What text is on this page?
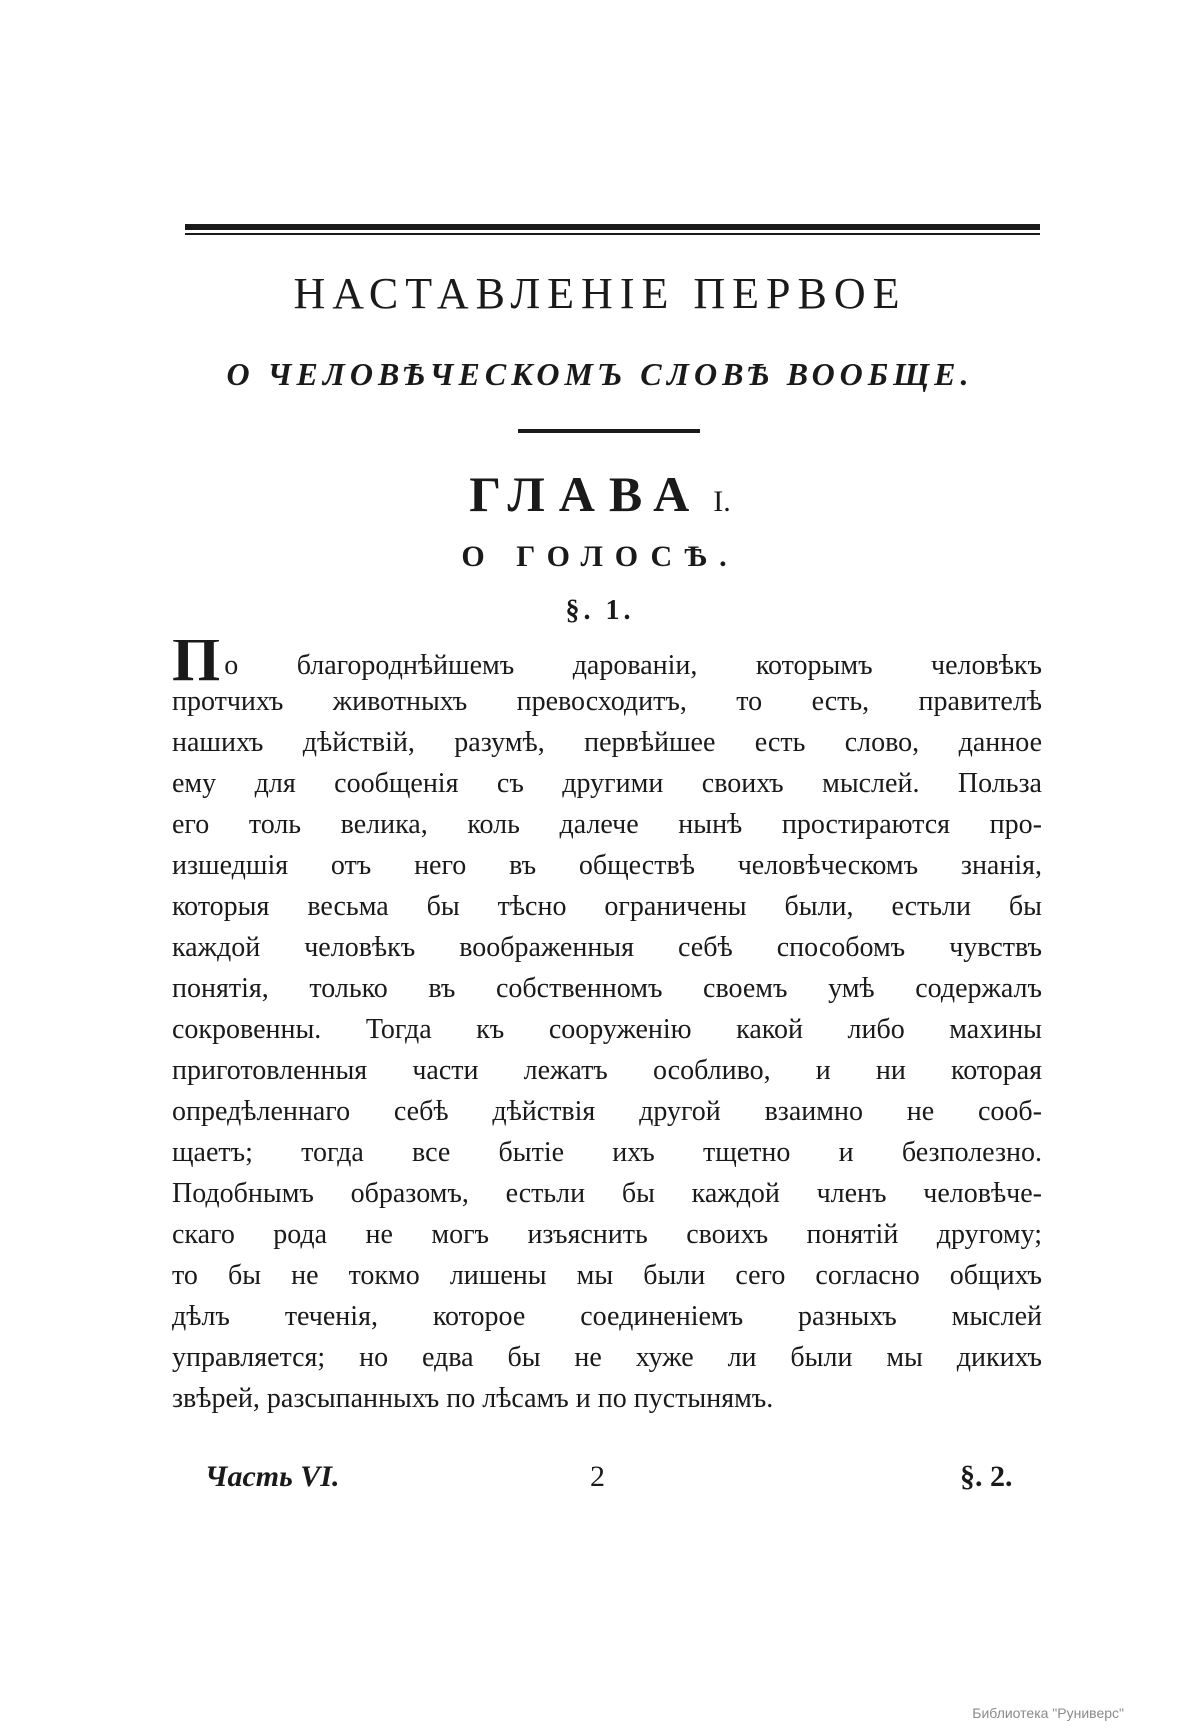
НАСТАВЛЕНІЕ ПЕРВОЕ
О ЧЕЛОВѢЧЕСКОМЪ СЛОВѢ ВООБЩЕ.
ГЛАВА I.
О ГОЛОСѢ.
§. 1.
По благороднѣйшемъ дарованіи, которымъ человѣкъ
протчихъ животныхъ превосходитъ, то есть, правителѣ
нашихъ дѣйствій, разумѣ, первѣйшее есть слово, данное
ему для сообщенія съ другими своихъ мыслей. Польза
его толь велика, коль далече нынѣ простираются про-
изшедшія отъ него въ обществѣ человѣческомъ знанія,
которыя весьма бы тѣсно ограничены были, естьли бы
каждой человѣкъ воображенныя себѣ способомъ чувствъ
понятія, только въ собственномъ своемъ умѣ содержалъ
сокровенны. Тогда къ сооруженію какой либо махины
приготовленныя части лежатъ особливо, и ни которая
опредѣленнаго себѣ дѣйствія другой взаимно не сооб-
щаетъ; тогда все бытіе ихъ тщетно и безполезно.
Подобнымъ образомъ, естьли бы каждой членъ человѣче-
скаго рода не могъ изъяснить своихъ понятій другому;
то бы не токмо лишены мы были сего согласно общихъ
дѣлъ теченія, которое соединеніемъ разныхъ мыслей
управляется; но едва бы не хуже ли были мы дикихъ
звѣрей, разсыпанныхъ по лѣсамъ и по пустынямъ.
Часть VI.	2	§. 2.
Библиотека "Руниверс"
